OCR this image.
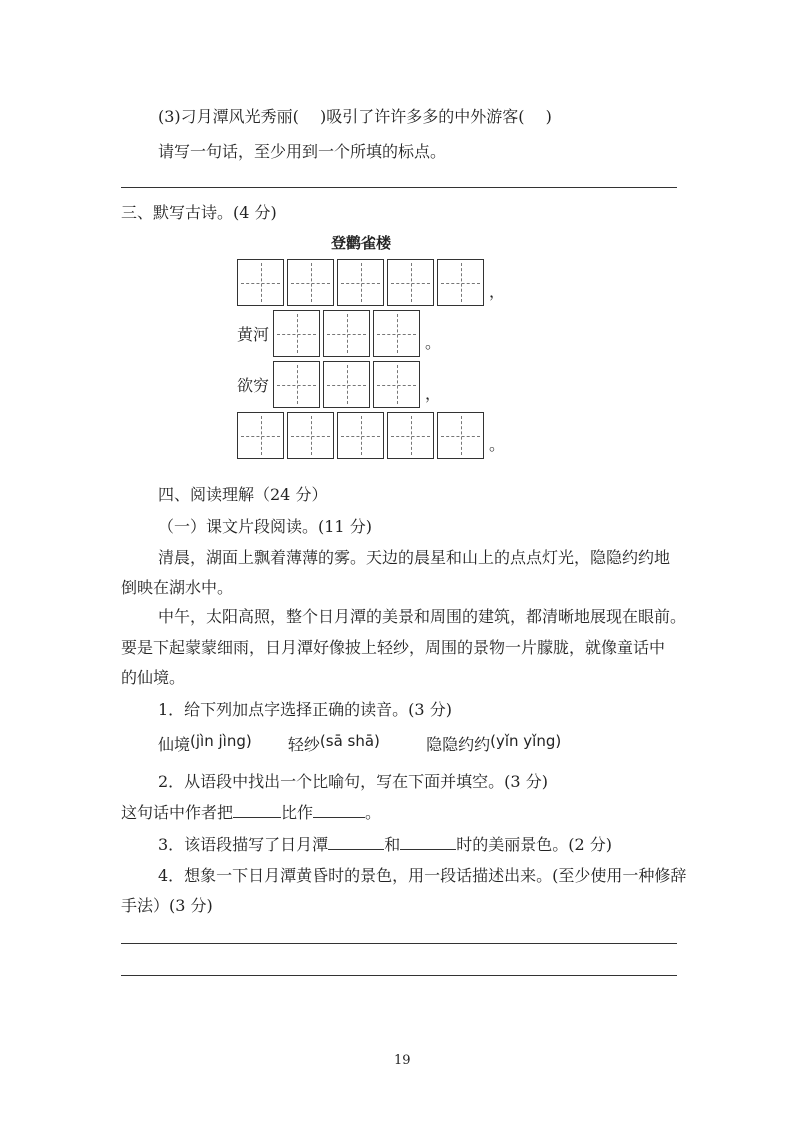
(3)刁月潭风光秀丽(　 )吸引了许许多多的中外游客(　 )
请写一句话，至少用到一个所填的标点。
三、默写古诗。(4 分)
登鹳雀楼
，
黄河	。
欲穷	，
。
四、阅读理解（24 分）
（一）课文片段阅读。(11 分)
清晨，湖面上飘着薄薄的雾。天边的晨星和山上的点点灯光，隐隐约约地
倒映在湖水中。
中午，太阳高照，整个日月潭的美景和周围的建筑，都清晰地展现在眼前。
要是下起蒙蒙细雨，日月潭好像披上轻纱，周围的景物一片朦胧，就像童话中
的仙境。
1．给下列加点字选择正确的读音。(3 分)
仙境(jìn jìng) 轻纱(sā shā)	隐隐约约(yǐn yǐng)
2．从语段中找出一个比喻句，写在下面并填空。(3 分)
这句话中作者把	比作	。
3．该语段描写了日月潭	和	时的美丽景色。(2 分)
4．想象一下日月潭黄昏时的景色，用一段话描述出来。(至少使用一种修辞
手法）(3 分)
19
